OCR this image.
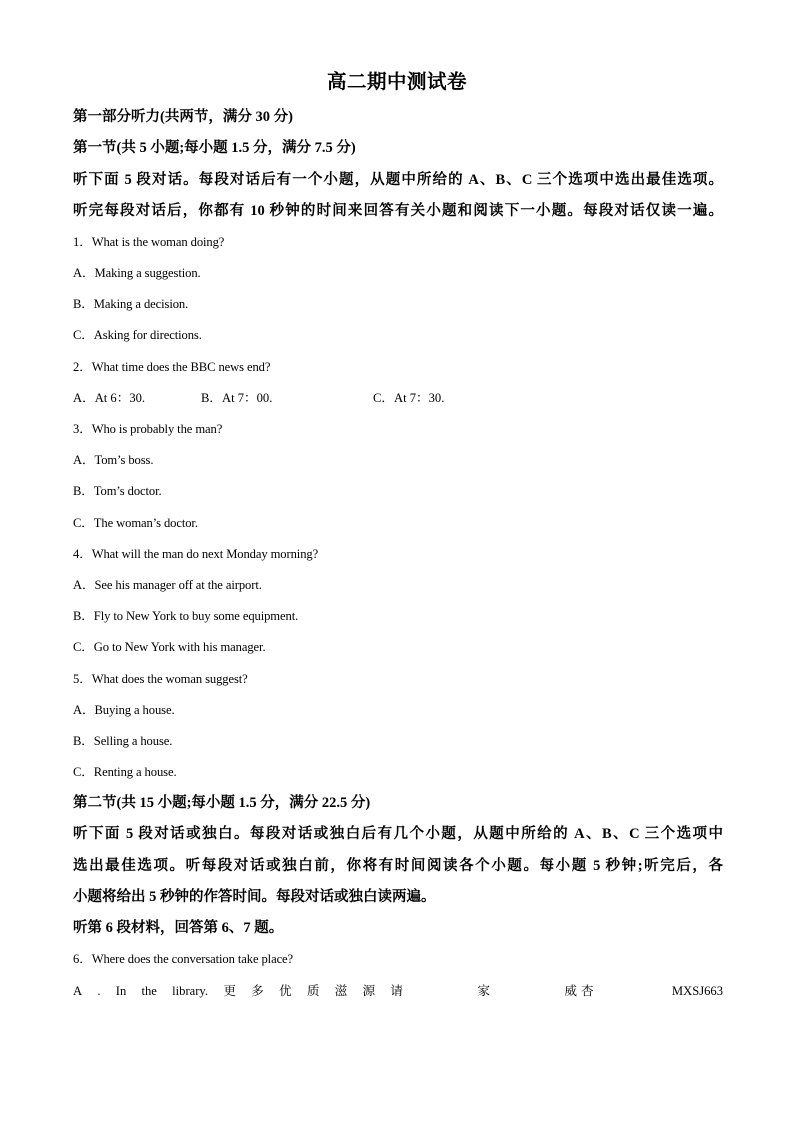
高二期中测试卷
第一部分听力(共两节，满分 30 分)
第一节(共 5 小题;每小题 1.5 分，满分 7.5 分)
听下面 5 段对话。每段对话后有一个小题，从题中所给的 A、B、C 三个选项中选出最佳选项。
听完每段对话后，你都有 10 秒钟的时间来回答有关小题和阅读下一小题。每段对话仅读一遍。
1．What is the woman doing?
A．Making a suggestion.
B．Making a decision.
C．Asking for directions.
2．What time does the BBC news end?
A．At 6：30.	B．At 7：00.	C．At 7：30.
3．Who is probably the man?
A．Tom’s boss.
B．Tom’s doctor.
C．The woman’s doctor.
4．What will the man do next Monday morning?
A．See his manager off at the airport.
B．Fly to New York to buy some equipment.
C．Go to New York with his manager.
5．What does the woman suggest?
A．Buying a house.
B．Selling a house.
C．Renting a house.
第二节(共 15 小题;每小题 1.5 分，满分 22.5 分)
听下面 5 段对话或独白。每段对话或独白后有几个小题，从题中所给的 A、B、C 三个选项中
选出最佳选项。听每段对话或独白前，你将有时间阅读各个小题。每小题 5 秒钟;听完后，各
小题将给出 5 秒钟的作答时间。每段对话或独白读两遍。
听第 6 段材料，回答第 6、7 题。
6．Where does the conversation take place?
A . In the library. 更 多 优 质 滋 源 请	家	威杏	MXSJ663
